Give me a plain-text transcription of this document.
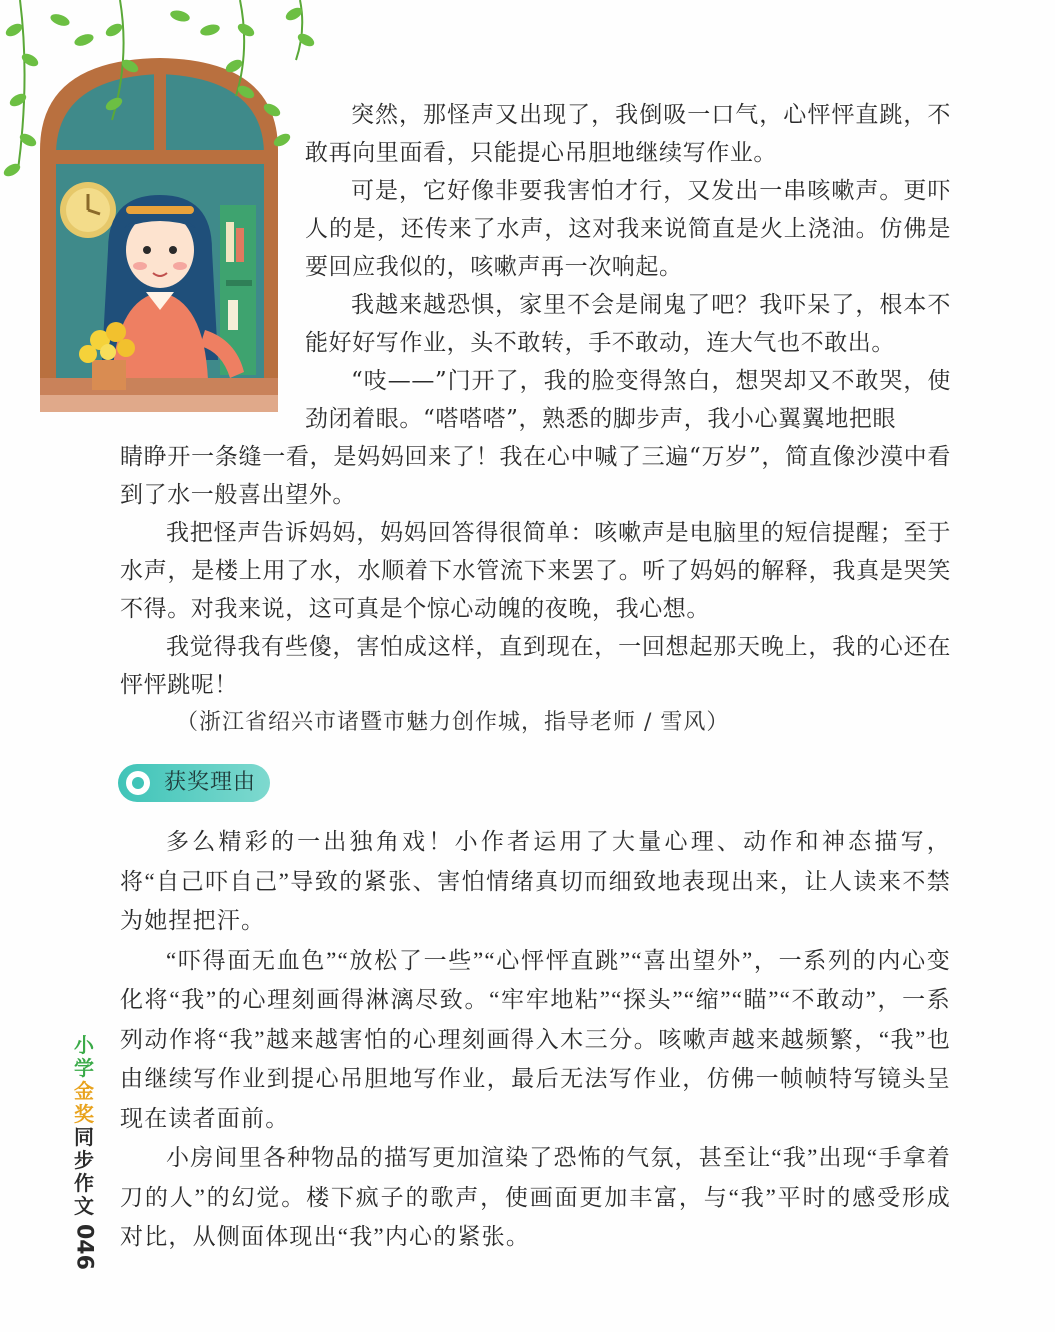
突然，那怪声又出现了，我倒吸一口气，心怦怦直跳，不敢再向里面看，只能提心吊胆地继续写作业。

可是，它好像非要我害怕才行，又发出一串咳嗽声。更吓人的是，还传来了水声，这对我来说简直是火上浇油。仿佛是要回应我似的，咳嗽声再一次响起。

我越来越恐惧，家里不会是闹鬼了吧？我吓呆了，根本不能好好写作业，头不敢转，手不敢动，连大气也不敢出。

“吱——”门开了，我的脸变得煞白，想哭却又不敢哭，使劲闭着眼。“嗒嗒嗒”，熟悉的脚步声，我小心翼翼地把眼

睛睁开一条缝一看，是妈妈回来了！我在心中喊了三遍“万岁”，简直像沙漠中看到了水一般喜出望外。

我把怪声告诉妈妈，妈妈回答得很简单：咳嗽声是电脑里的短信提醒；至于水声，是楼上用了水，水顺着下水管流下来罢了。听了妈妈的解释，我真是哭笑不得。对我来说，这可真是个惊心动魄的夜晚，我心想。

我觉得我有些傻，害怕成这样，直到现在，一回想起那天晚上，我的心还在怦怦跳呢！

（浙江省绍兴市诸暨市魅力创作城，指导老师 / 雪风）
获奖理由

多么精彩的一出独角戏！小作者运用了大量心理、动作和神态描写，将“自己吓自己”导致的紧张、害怕情绪真切而细致地表现出来，让人读来不禁为她捏把汗。

“吓得面无血色”“放松了一些”“心怦怦直跳”“喜出望外”，一系列的内心变化将“我”的心理刻画得淋漓尽致。“牢牢地粘”“探头”“缩”“瞄”“不敢动”，一系列动作将“我”越来越害怕的心理刻画得入木三分。咳嗽声越来越频繁，“我”也由继续写作业到提心吊胆地写作业，最后无法写作业，仿佛一帧帧特写镜头呈现在读者面前。

小房间里各种物品的描写更加渲染了恐怖的气氛，甚至让“我”出现“手拿着刀的人”的幻觉。楼下疯子的歌声，使画面更加丰富，与“我”平时的感受形成对比，从侧面体现出“我”内心的紧张。

小
学
金
奖
同
步
作
文
046
